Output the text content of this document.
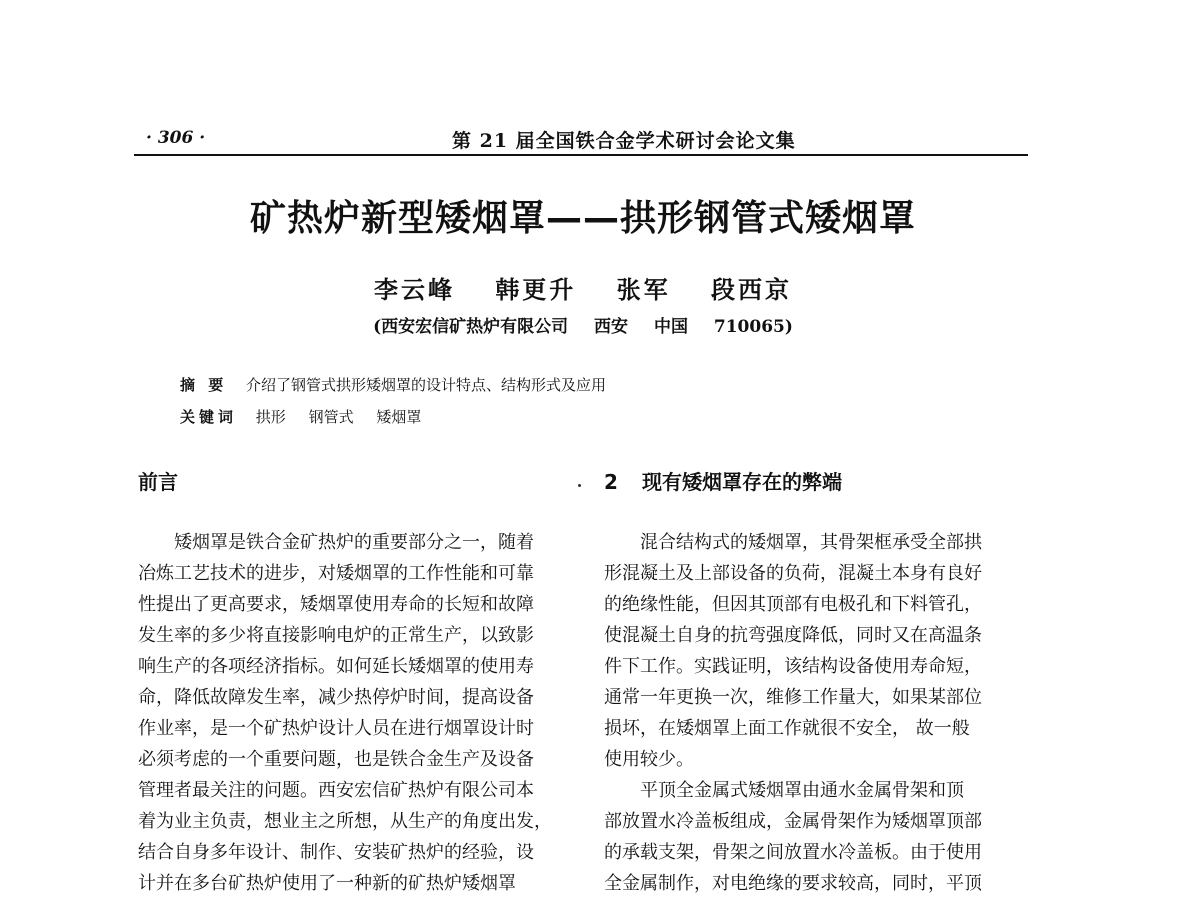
· 306 ·	第 21 届全国铁合金学术研讨会论文集
矿热炉新型矮烟罩——拱形钢管式矮烟罩
李云峰 韩更升 张军 段西京
(西安宏信矿热炉有限公司 西安 中国 710065)
摘 要 介绍了钢管式拱形矮烟罩的设计特点、结构形式及应用
关键词 拱形 钢管式 矮烟罩
前言	2 现有矮烟罩存在的弊端
矮烟罩是铁合金矿热炉的重要部分之一，随着
冶炼工艺技术的进步，对矮烟罩的工作性能和可靠
性提出了更高要求，矮烟罩使用寿命的长短和故障
发生率的多少将直接影响电炉的正常生产，以致影
响生产的各项经济指标。如何延长矮烟罩的使用寿
命，降低故障发生率，减少热停炉时间，提高设备
作业率，是一个矿热炉设计人员在进行烟罩设计时
必须考虑的一个重要问题，也是铁合金生产及设备
管理者最关注的问题。西安宏信矿热炉有限公司本
着为业主负责，想业主之所想，从生产的角度出发，
结合自身多年设计、制作、安装矿热炉的经验，设
计并在多台矿热炉使用了一种新的矿热炉矮烟罩
混合结构式的矮烟罩，其骨架框承受全部拱
形混凝土及上部设备的负荷，混凝土本身有良好
的绝缘性能，但因其顶部有电极孔和下料管孔，
使混凝土自身的抗弯强度降低，同时又在高温条
件下工作。实践证明，该结构设备使用寿命短，
通常一年更换一次，维修工作量大，如果某部位
损坏，在矮烟罩上面工作就很不安全， 故一般
使用较少。
平顶全金属式矮烟罩由通水金属骨架和顶
部放置水冷盖板组成，金属骨架作为矮烟罩顶部
的承载支架，骨架之间放置水冷盖板。由于使用
全金属制作，对电绝缘的要求较高，同时，平顶
